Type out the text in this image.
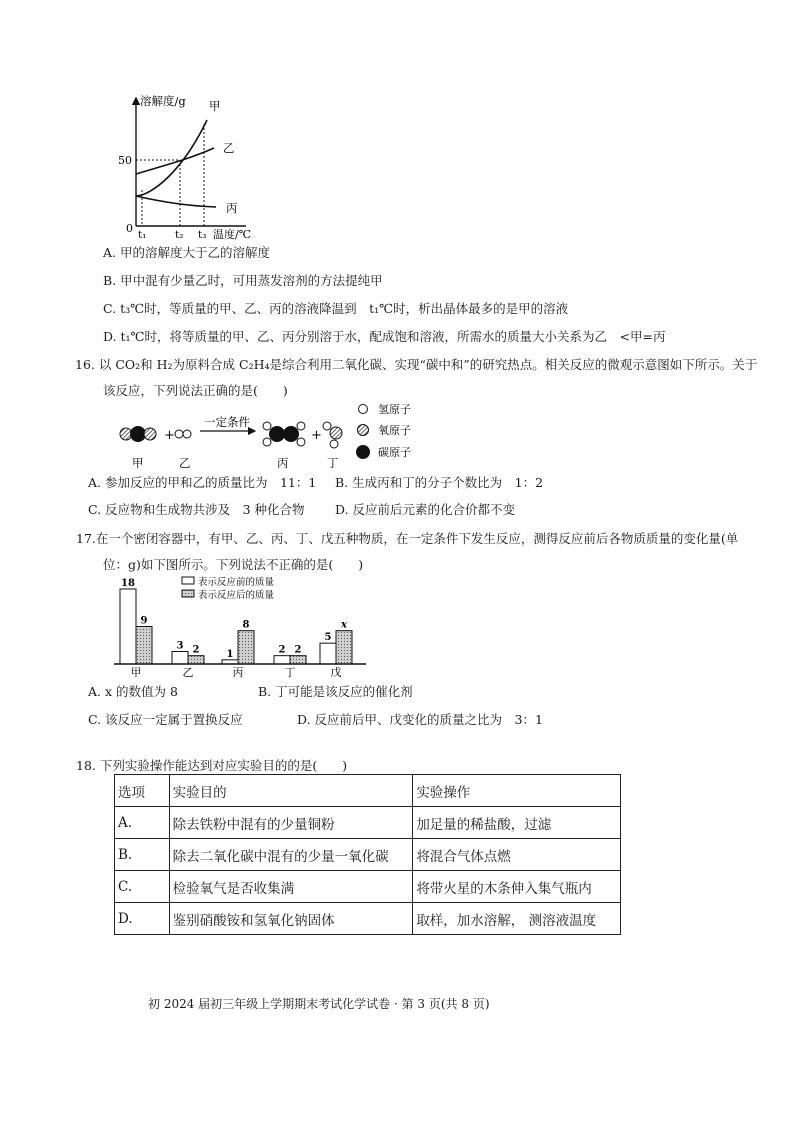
溶解度/g 甲
乙
丙
50
0 t₁	t₂ t₃ 温度/℃
A. 甲的溶解度大于乙的溶解度
B. 甲中混有少量乙时，可用蒸发溶剂的方法提纯甲
C. t₃℃时，等质量的甲、乙、丙的溶液降温到　t₁℃时，析出晶体最多的是甲的溶液
D. t₁℃时，将等质量的甲、乙、丙分别溶于水，配成饱和溶液，所需水的质量大小关系为乙　<甲=丙
16. 以 CO₂和 H₂为原料合成 C₂H₄是综合利用二氧化碳、实现“碳中和”的研究热点。相关反应的微观示意图如下所示。关于
该反应，下列说法正确的是(　　)
+
一定条件
+
甲	乙	丙	丁
氢原子
氧原子
碳原子
A. 参加反应的甲和乙的质量比为　11：1 B. 生成丙和丁的分子个数比为　1：2
C. 反应物和生成物共涉及　3 种化合物 D. 反应前后元素的化合价都不变
17.在一个密闭容器中，有甲、乙、丙、丁、戊五种物质，在一定条件下发生反应，测得反应前后各物质质量的变化量(单
位：g)如下图所示。下列说法不正确的是(　　)
表示反应前的质量
表示反应后的质量
18
9
甲
3 2
乙
1
8
丙
2 2
丁
5
x
戊
A. x 的数值为 8	B. 丁可能是该反应的催化剂
C. 该反应一定属于置换反应	D. 反应前后甲、戊变化的质量之比为　3：1
18. 下列实验操作能达到对应实验目的的是(　　)
选项	实验目的	实验操作
A.	除去铁粉中混有的少量铜粉	加足量的稀盐酸，过滤
B.	除去二氧化碳中混有的少量一氧化碳	将混合气体点燃
C.	检验氧气是否收集满	将带火星的木条伸入集气瓶内
D.	鉴别硝酸铵和氢氧化钠固体	取样，加水溶解， 测溶液温度
初 2024 届初三年级上学期期末考试化学试卷 · 第 3 页(共 8 页)
